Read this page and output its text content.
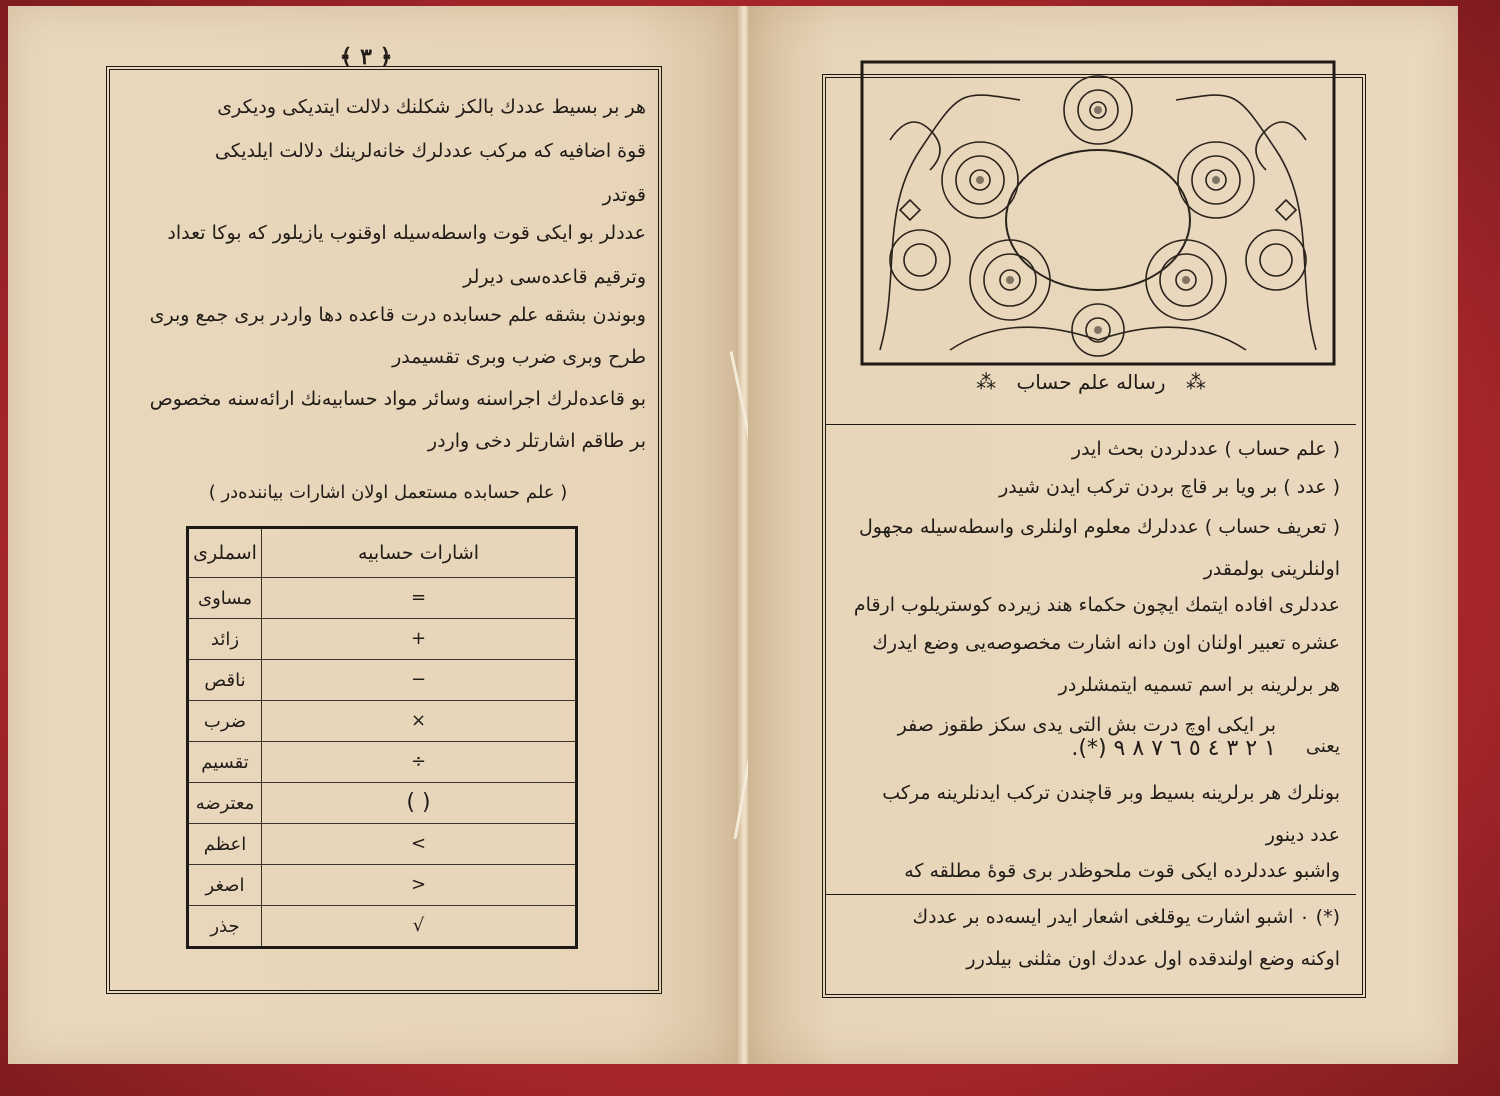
﴾ ٣ ﴿
هر بر بسيط عددك بالكز شكلنك دلالت ايتديكى وديكرى
قوة اضافيه كه مركب عددلرك خانه‌لرينك دلالت ايلديكى
قوتدر
عددلر بو ايكى قوت واسطه‌سيله اوقنوب يازيلور كه بوكا تعداد
وترقيم قاعده‌سى ديرلر
وبوندن بشقه علم حسابده درت قاعده دها واردر برى جمع وبرى
طرح وبرى ضرب وبرى تقسيمدر
بو قاعده‌لرك اجراسنه وسائر مواد حسابيه‌نك ارائه‌سنه مخصوص
بر طاقم اشارتلر دخى واردر
( علم حسابده مستعمل اولان اشارات بياننده‌در )
اسملرى	اشارات حسابيه
مساوى	=
زائد	+
ناقص	−
ضرب	×
تقسيم	÷
معترضه	( )
اعظم	<
اصغر	>
جذر	√
⁂ رساله علم حساب ⁂
( علم حساب ) عددلردن بحث ايدر
( عدد ) بر ويا بر قاچ بردن تركب ايدن شيدر
( تعريف حساب ) عددلرك معلوم اولنلرى واسطه‌سيله مجهول
اولنلرينى بولمقدر
عددلرى افاده ايتمك ايچون حكماء هند زيرده كوستريلوب ارقام
عشره تعبير اولنان اون دانه اشارت مخصوصه‌يى وضع ايدرك
هر برلرينه بر اسم تسميه ايتمشلردر
يعنى
بر ايكى اوچ درت بش التى يدى سكز طقوز صفر
١ ٢ ٣ ٤ ٥ ٦ ٧ ٨ ٩ (*).
بونلرك هر برلرينه بسيط وبر قاچندن تركب ايدنلرينه مركب
عدد دينور
واشبو عددلرده ايكى قوت ملحوظدر برى قوۀ مطلقه كه
(*) ٠ اشبو اشارت يوقلغى اشعار ايدر ايسه‌ده بر عددك
اوكنه وضع اولندقده اول عددك اون مثلنى بيلدرر
